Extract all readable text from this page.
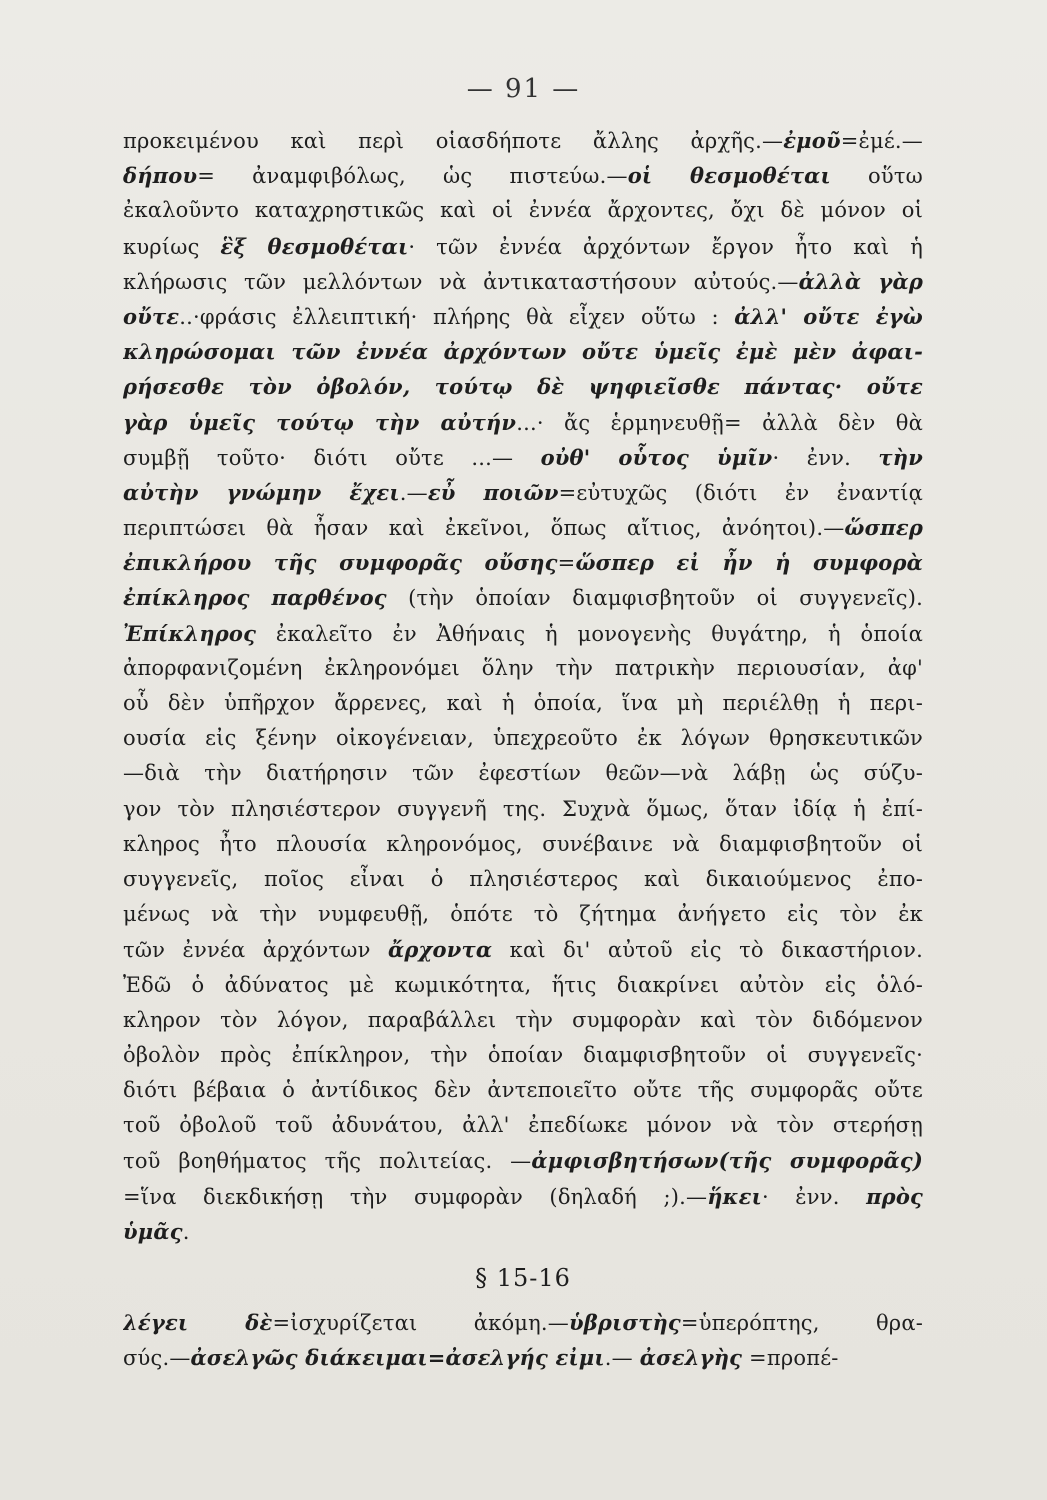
— 91 —
προκειμένου καὶ περὶ οἱασδήποτε ἄλλης ἀρχῆς.—ἐμοῦ=ἐμέ.—
δήπου= ἀναμφιβόλως, ὡς πιστεύω.—οἱ θεσμοθέται οὕτω
ἐκαλοῦντο καταχρηστικῶς καὶ οἱ ἐννέα ἄρχοντες, ὄχι δὲ μόνον οἱ
κυρίως ἓξ θεσμοθέται· τῶν ἐννέα ἀρχόντων ἔργον ἦτο καὶ ἡ
κλήρωσις τῶν μελλόντων νὰ ἀντικαταστήσουν αὐτούς.—ἀλλὰ γὰρ
οὔτε..·φράσις ἐλλειπτική· πλήρης θὰ εἶχεν οὕτω : ἀλλ' οὔτε ἐγὼ
κληρώσομαι τῶν ἐννέα ἀρχόντων οὔτε ὑμεῖς ἐμὲ μὲν ἀφαι-
ρήσεσθε τὸν ὀβολόν, τούτῳ δὲ ψηφιεῖσθε πάντας· οὔτε
γὰρ ὑμεῖς τούτῳ τὴν αὐτήν...· ἄς ἑρμηνευθῇ= ἀλλὰ δὲν θὰ
συμβῇ τοῦτο· διότι οὔτε ...— οὐθ' οὗτος ὑμῖν· ἐνν. τὴν
αὐτὴν γνώμην ἔχει.—εὖ ποιῶν=εὐτυχῶς (διότι ἐν ἐναντίᾳ
περιπτώσει θὰ ἦσαν καὶ ἐκεῖνοι, ὅπως αἴτιος, ἀνόητοι).—ὥσπερ
ἐπικλήρου τῆς συμφορᾶς οὔσης=ὥσπερ εἰ ἦν ἡ συμφορὰ
ἐπίκληρος παρθένος (τὴν ὁποίαν διαμφισβητοῦν οἱ συγγενεῖς).
Ἐπίκληρος ἐκαλεῖτο ἐν Ἀθήναις ἡ μονογενὴς θυγάτηρ, ἡ ὁποία
ἀπορφανιζομένη ἐκληρονόμει ὅλην τὴν πατρικὴν περιουσίαν, ἀφ'
οὗ δὲν ὑπῆρχον ἄρρενες, καὶ ἡ ὁποία, ἵνα μὴ περιέλθῃ ἡ περι-
ουσία εἰς ξένην οἰκογένειαν, ὑπεχρεοῦτο ἐκ λόγων θρησκευτικῶν
—διὰ τὴν διατήρησιν τῶν ἐφεστίων θεῶν—νὰ λάβῃ ὡς σύζυ-
γον τὸν πλησιέστερον συγγενῆ της. Συχνὰ ὅμως, ὅταν ἰδίᾳ ἡ ἐπί-
κληρος ἦτο πλουσία κληρονόμος, συνέβαινε νὰ διαμφισβητοῦν οἱ
συγγενεῖς, ποῖος εἶναι ὁ πλησιέστερος καὶ δικαιούμενος ἐπο-
μένως νὰ τὴν νυμφευθῇ, ὁπότε τὸ ζήτημα ἀνήγετο εἰς τὸν ἐκ
τῶν ἐννέα ἀρχόντων ἄρχοντα καὶ δι' αὐτοῦ εἰς τὸ δικαστήριον.
Ἐδῶ ὁ ἀδύνατος μὲ κωμικότητα, ἥτις διακρίνει αὐτὸν εἰς ὁλό-
κληρον τὸν λόγον, παραβάλλει τὴν συμφορὰν καὶ τὸν διδόμενον
ὀβολὸν πρὸς ἐπίκληρον, τὴν ὁποίαν διαμφισβητοῦν οἱ συγγενεῖς·
διότι βέβαια ὁ ἀντίδικος δὲν ἀντεποιεῖτο οὔτε τῆς συμφορᾶς οὔτε
τοῦ ὀβολοῦ τοῦ ἀδυνάτου, ἀλλ' ἐπεδίωκε μόνον νὰ τὸν στερήσῃ
τοῦ βοηθήματος τῆς πολιτείας. —ἀμφισβητήσων(τῆς συμφορᾶς)
=ἵνα διεκδικήσῃ τὴν συμφορὰν (δηλαδή ;).—ἥκει· ἐνν. πρὸς
ὑμᾶς.
§ 15-16
λέγει δὲ=ἰσχυρίζεται ἀκόμη.—ὑβριστὴς=ὑπερόπτης, θρα-
σύς.—ἀσελγῶς διάκειμαι=ἀσελγής εἰμι.— ἀσελγὴς =προπέ-
